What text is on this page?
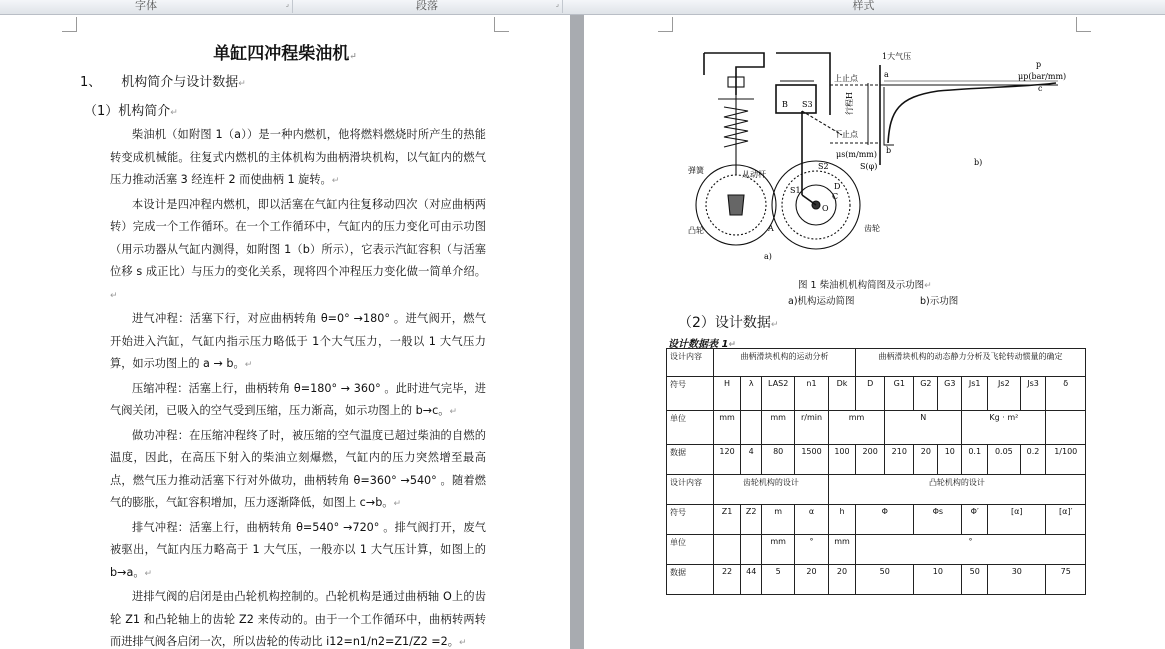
字体	⌟	段落	⌟	样式
单缸四冲程柴油机↵
1、 机构简介与设计数据↵
（1）机构简介↵

柴油机（如附图 1（a））是一种内燃机，他将燃料燃烧时所产生的热能转变成机械能。往复式内燃机的主体机构为曲柄滑块机构，以气缸内的燃气压力推动活塞 3 经连杆 2 而使曲柄 1 旋转。↵

本设计是四冲程内燃机，即以活塞在气缸内往复移动四次（对应曲柄两转）完成一个工作循环。在一个工作循环中，气缸内的压力变化可由示功图（用示功器从气缸内测得，如附图 1（b）所示），它表示汽缸容积（与活塞位移 s 成正比）与压力的变化关系，现将四个冲程压力变化做一简单介绍。↵

进气冲程：活塞下行，对应曲柄转角 θ=0° →180° 。进气阀开，燃气开始进入汽缸，气缸内指示压力略低于 1个大气压力，一般以 1 大气压力算，如示功图上的 a → b。↵

压缩冲程：活塞上行，曲柄转角 θ=180° → 360° 。此时进气完毕，进气阀关闭，已吸入的空气受到压缩，压力渐高，如示功图上的 b→c。↵

做功冲程：在压缩冲程终了时，被压缩的空气温度已超过柴油的自燃的温度，因此，在高压下射入的柴油立刻爆燃，气缸内的压力突然增至最高点，燃气压力推动活塞下行对外做功，曲柄转角 θ=360° →540° 。随着燃气的膨胀，气缸容积增加，压力逐渐降低，如图上 c→b。↵

排气冲程：活塞上行，曲柄转角 θ=540° →720° 。排气阀打开，废气被驱出，气缸内压力略高于 1 大气压，一般亦以 1 大气压计算，如图上的 b→a。↵

进排气阀的启闭是由凸轮机构控制的。凸轮机构是通过曲柄轴 O上的齿轮 Z1 和凸轮轴上的齿轮 Z2 来传动的。由于一个工作循环中，曲柄转两转而进排气阀各启闭一次，所以齿轮的传动比 i12=n1/n2=Z1/Z2 =2。↵

弹簧	从动杆
凸轮	齿轮
上止点
下止点
行程H
1大气压
p
a
b
c
μp(bar/mm)
μs(m/mm)
S(φ)
B S3
A
O
S2
S1
C
D
a)
b)
图 1 柴油机机构简图及示功图↵
a)机构运动简图	b)示功图
（2）设计数据↵
设计数据表 1↵
设计内容	曲柄滑块机构的运动分析					曲柄滑块机构的动态静力分析及飞轮转动惯量的确定							
符号	H	λ	LAS2	n1	Dk	D	G1	G2	G3	Js1	Js2	Js3	δ
单位	mm		mm	r/min	mm		N			Kg · m²			
数据	120	4	80	1500	100	200	210	20	10	0.1	0.05	0.2	1/100
设计内容	齿轮机构的设计				凸轮机构的设计								
符号	Z1	Z2	m	α	h	Φ		Φs		Φ′	[α]		[α]′
单位			mm	°	mm	°							
数据	22	44	5	20	20	50		10		50	30		75
